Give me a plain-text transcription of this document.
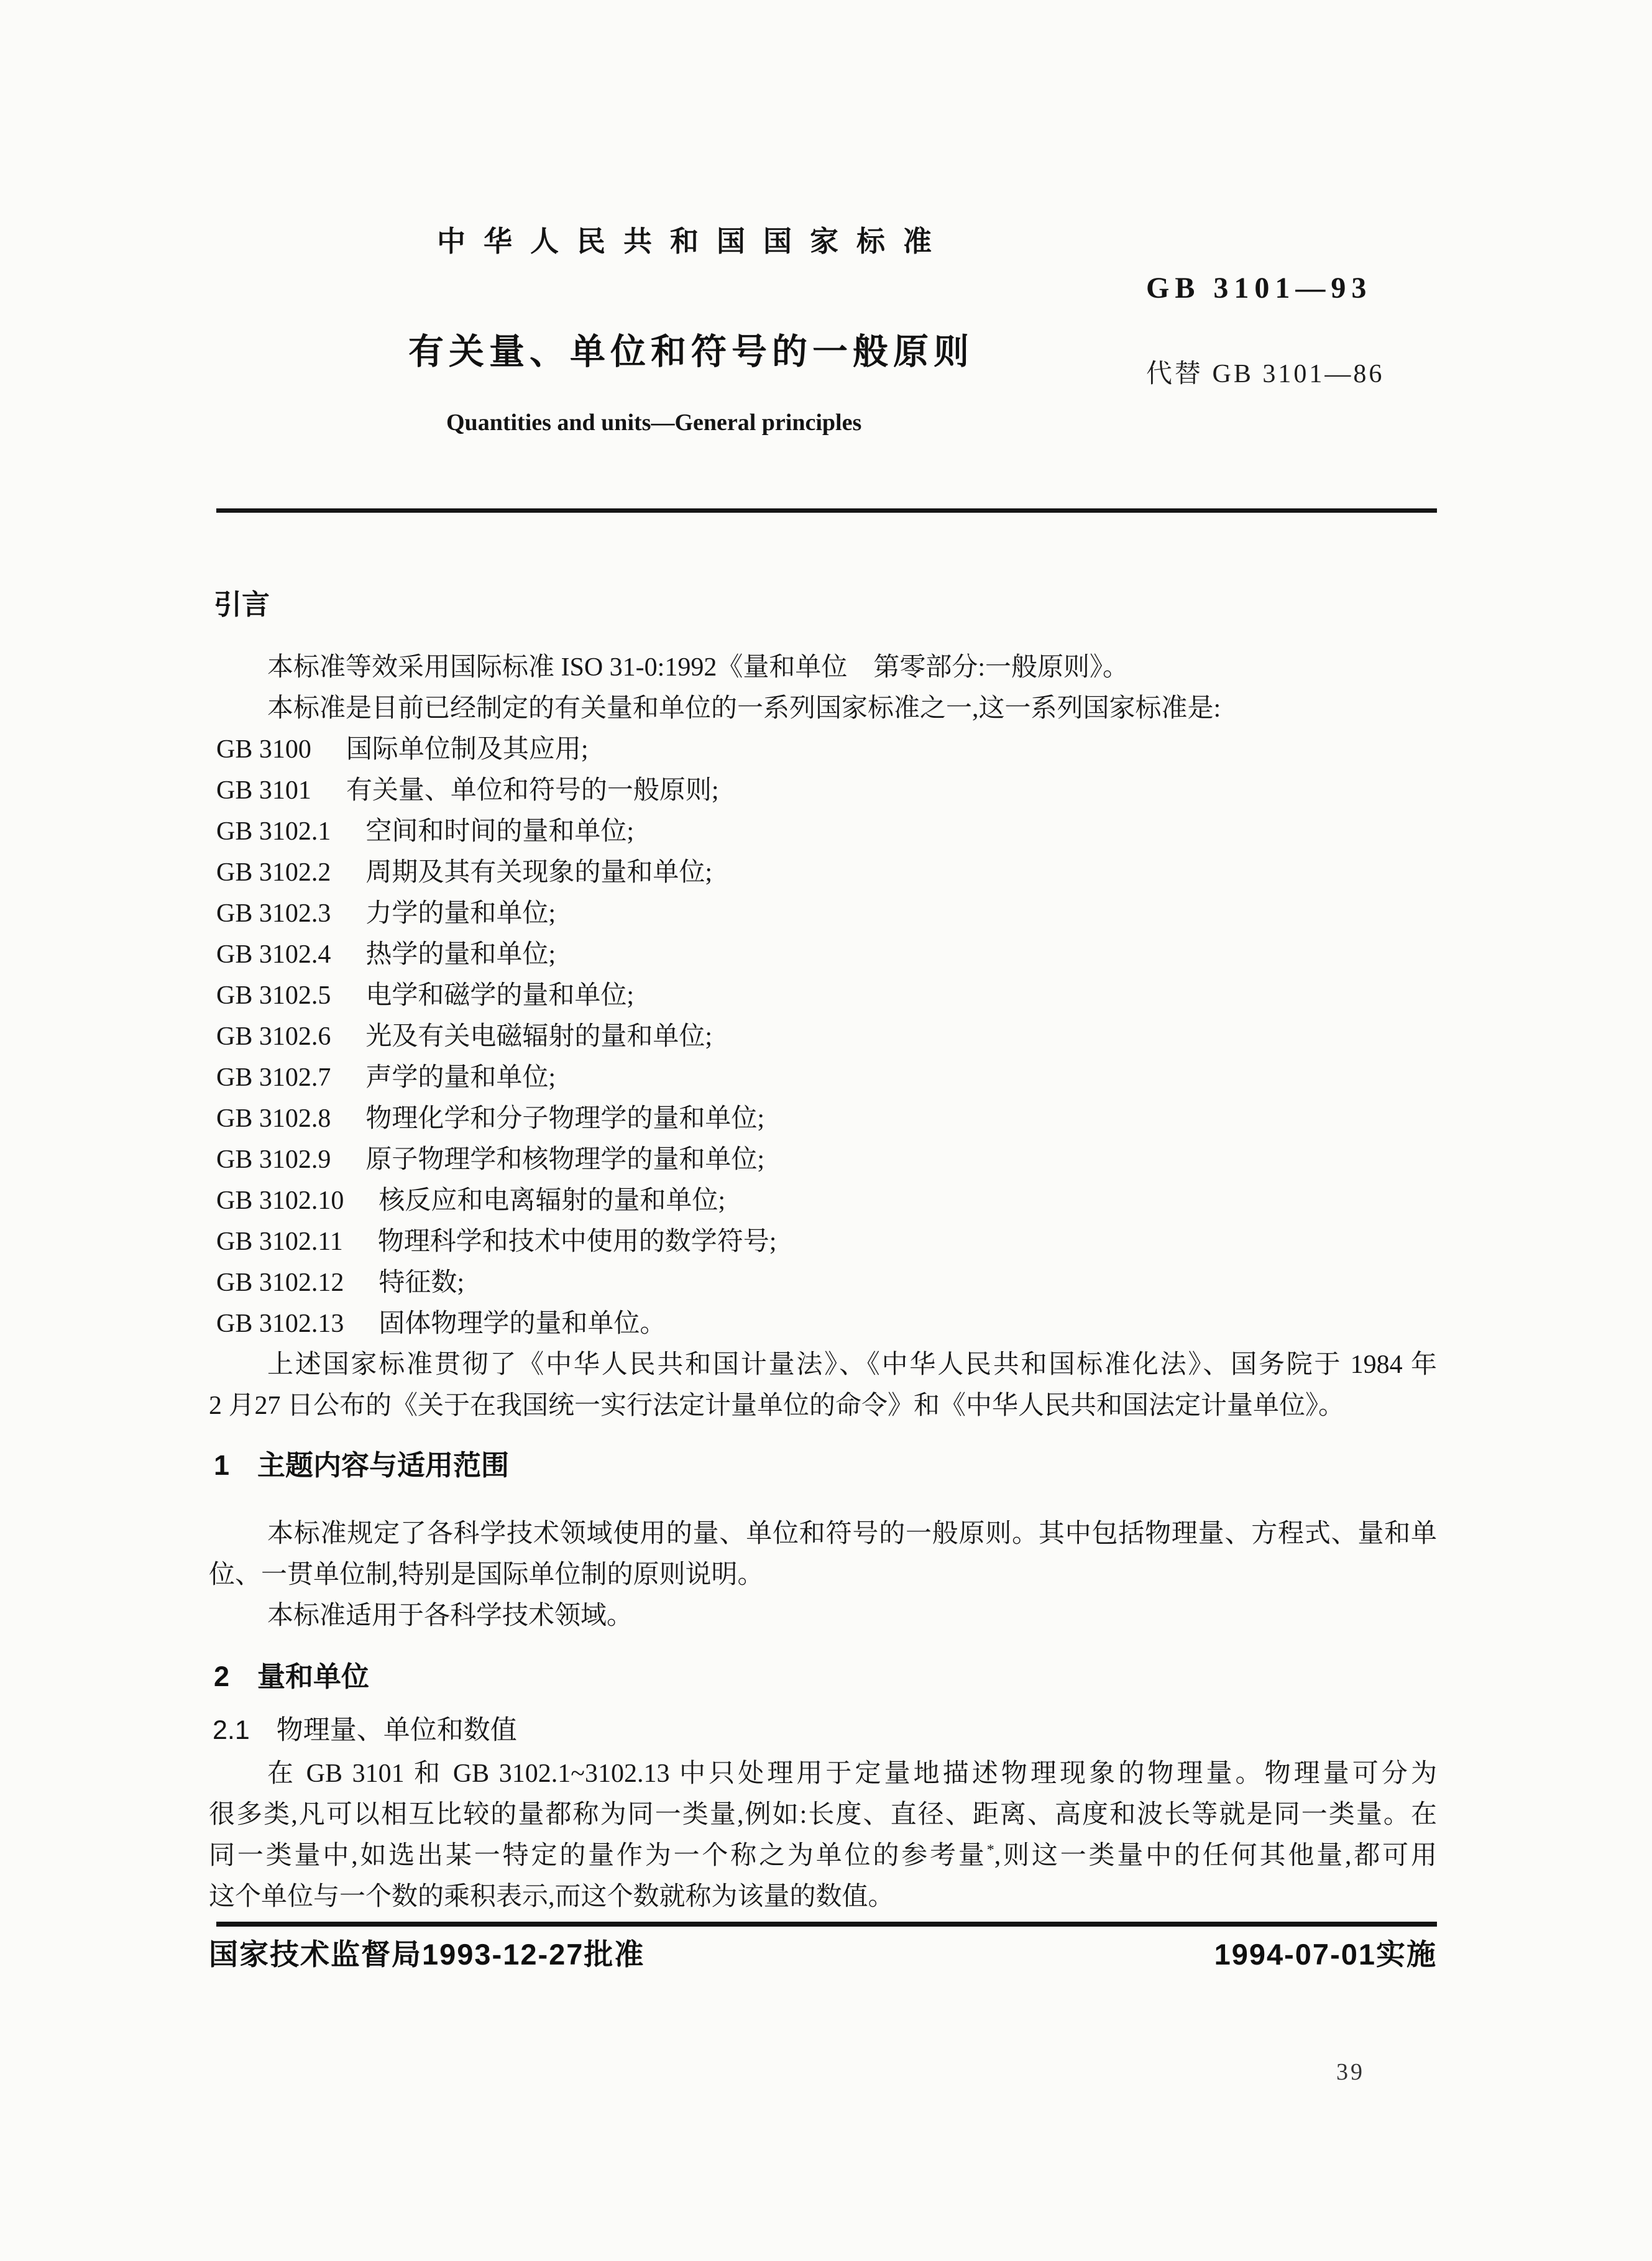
中华人民共和国国家标准
GB 3101—93
有关量、单位和符号的一般原则
代替 GB 3101—86
Quantities and units—General principles
引言
本标准等效采用国际标准 ISO 31-0:1992《量和单位　第零部分:一般原则》。
本标准是目前已经制定的有关量和单位的一系列国家标准之一,这一系列国家标准是:
GB 3100 国际单位制及其应用;
GB 3101 有关量、单位和符号的一般原则;
GB 3102.1 空间和时间的量和单位;
GB 3102.2 周期及其有关现象的量和单位;
GB 3102.3 力学的量和单位;
GB 3102.4 热学的量和单位;
GB 3102.5 电学和磁学的量和单位;
GB 3102.6 光及有关电磁辐射的量和单位;
GB 3102.7 声学的量和单位;
GB 3102.8 物理化学和分子物理学的量和单位;
GB 3102.9 原子物理学和核物理学的量和单位;
GB 3102.10 核反应和电离辐射的量和单位;
GB 3102.11 物理科学和技术中使用的数学符号;
GB 3102.12 特征数;
GB 3102.13 固体物理学的量和单位。
上述国家标准贯彻了《中华人民共和国计量法》、《中华人民共和国标准化法》、国务院于 1984 年
2 月27 日公布的《关于在我国统一实行法定计量单位的命令》和《中华人民共和国法定计量单位》。
1　主题内容与适用范围
本标准规定了各科学技术领域使用的量、单位和符号的一般原则。其中包括物理量、方程式、量和单
位、一贯单位制,特别是国际单位制的原则说明。
本标准适用于各科学技术领域。
2　量和单位
2.1　物理量、单位和数值
在 GB 3101 和 GB 3102.1~3102.13 中只处理用于定量地描述物理现象的物理量。物理量可分为
很多类,凡可以相互比较的量都称为同一类量,例如:长度、直径、距离、高度和波长等就是同一类量。在
同一类量中,如选出某一特定的量作为一个称之为单位的参考量*,则这一类量中的任何其他量,都可用
这个单位与一个数的乘积表示,而这个数就称为该量的数值。
国家技术监督局1993-12-27批准	1994-07-01实施
39
